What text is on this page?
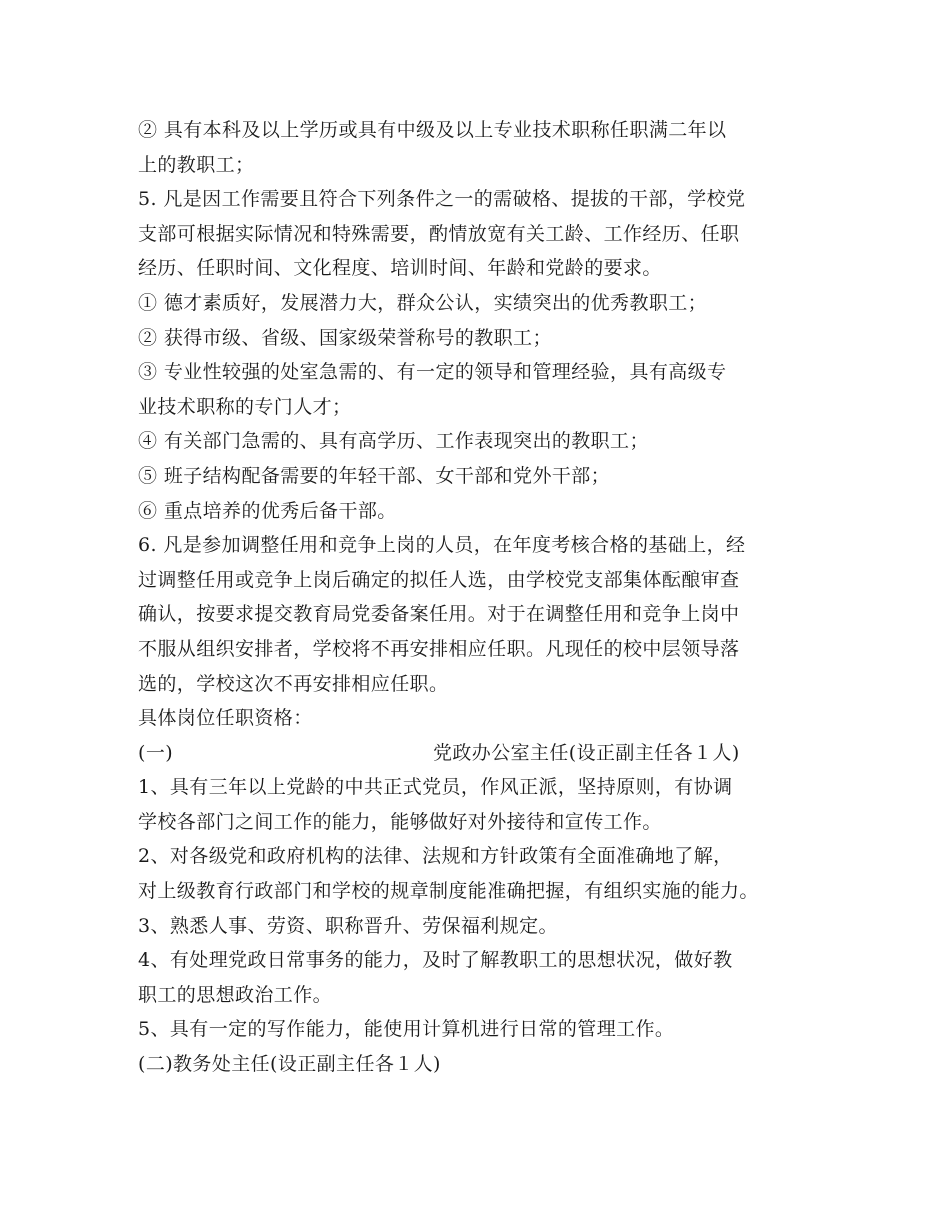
② 具有本科及以上学历或具有中级及以上专业技术职称任职满二年以
上的教职工；
5. 凡是因工作需要且符合下列条件之一的需破格、提拔的干部，学校党
支部可根据实际情况和特殊需要，酌情放宽有关工龄、工作经历、任职
经历、任职时间、文化程度、培训时间、年龄和党龄的要求。
① 德才素质好，发展潜力大，群众公认，实绩突出的优秀教职工；
② 获得市级、省级、国家级荣誉称号的教职工；
③ 专业性较强的处室急需的、有一定的领导和管理经验，具有高级专
业技术职称的专门人才；
④ 有关部门急需的、具有高学历、工作表现突出的教职工；
⑤ 班子结构配备需要的年轻干部、女干部和党外干部；
⑥ 重点培养的优秀后备干部。
6. 凡是参加调整任用和竞争上岗的人员，在年度考核合格的基础上，经
过调整任用或竞争上岗后确定的拟任人选，由学校党支部集体酝酿审查
确认，按要求提交教育局党委备案任用。对于在调整任用和竞争上岗中
不服从组织安排者，学校将不再安排相应任职。凡现任的校中层领导落
选的，学校这次不再安排相应任职。
具体岗位任职资格：
(一)	党政办公室主任(设正副主任各１人)
1、具有三年以上党龄的中共正式党员，作风正派，坚持原则，有协调
学校各部门之间工作的能力，能够做好对外接待和宣传工作。
2、对各级党和政府机构的法律、法规和方针政策有全面准确地了解，
对上级教育行政部门和学校的规章制度能准确把握，有组织实施的能力。
3、熟悉人事、劳资、职称晋升、劳保福利规定。
4、有处理党政日常事务的能力，及时了解教职工的思想状况，做好教
职工的思想政治工作。
5、具有一定的写作能力，能使用计算机进行日常的管理工作。
(二)教务处主任(设正副主任各１人)
